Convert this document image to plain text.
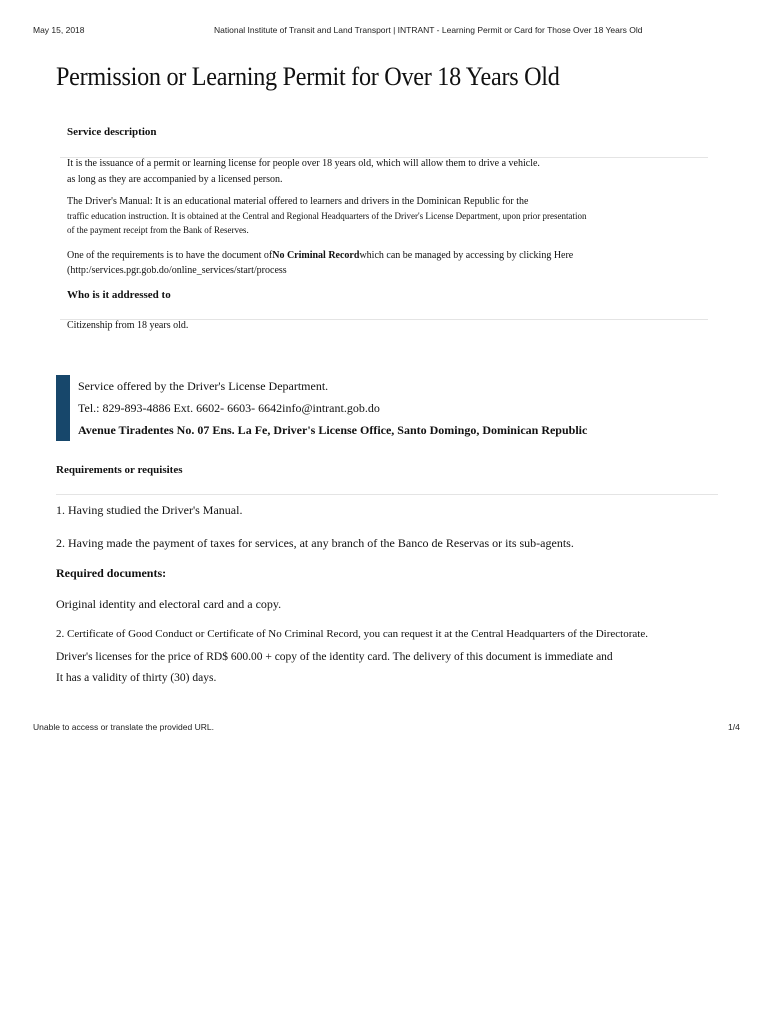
May 15, 2018	National Institute of Transit and Land Transport | INTRANT - Learning Permit or Card for Those Over 18 Years Old
Permission or Learning Permit for Over 18 Years Old
Service description
It is the issuance of a permit or learning license for people over 18 years old, which will allow them to drive a vehicle.
as long as they are accompanied by a licensed person.
The Driver's Manual: It is an educational material offered to learners and drivers in the Dominican Republic for the
traffic education instruction. It is obtained at the Central and Regional Headquarters of the Driver's License Department, upon prior presentation
of the payment receipt from the Bank of Reserves.
One of the requirements is to have the document ofNo Criminal Recordwhich can be managed by accessing by clicking Here
(http:/services.pgr.gob.do/online_services/start/process
Who is it addressed to
Citizenship from 18 years old.
Service offered by the Driver's License Department.
Tel.: 829-893-4886 Ext. 6602- 6603- 6642info@intrant.gob.do
Avenue Tiradentes No. 07 Ens. La Fe, Driver's License Office, Santo Domingo, Dominican Republic
Requirements or requisites
1. Having studied the Driver's Manual.
2. Having made the payment of taxes for services, at any branch of the Banco de Reservas or its sub-agents.
Required documents:
Original identity and electoral card and a copy.
2. Certificate of Good Conduct or Certificate of No Criminal Record, you can request it at the Central Headquarters of the Directorate.
Driver's licenses for the price of RD$ 600.00 + copy of the identity card. The delivery of this document is immediate and
It has a validity of thirty (30) days.
Unable to access or translate the provided URL.	1/4
